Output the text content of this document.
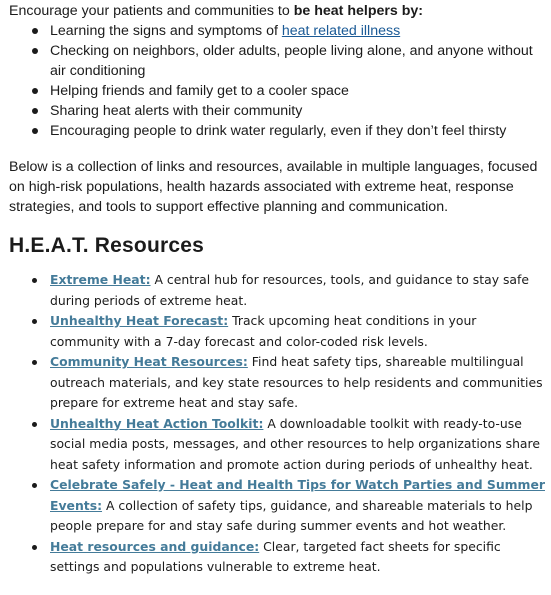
Encourage your patients and communities to be heat helpers by:

Learning the signs and symptoms of heat related illness
Checking on neighbors, older adults, people living alone, and anyone without air conditioning
Helping friends and family get to a cooler space
Sharing heat alerts with their community
Encouraging people to drink water regularly, even if they don’t feel thirsty

Below is a collection of links and resources, available in multiple languages, focused on high-risk populations, health hazards associated with extreme heat, response strategies, and tools to support effective planning and communication.

H.E.A.T. Resources
Extreme Heat: A central hub for resources, tools, and guidance to stay safe during periods of extreme heat.
Unhealthy Heat Forecast: Track upcoming heat conditions in your community with a 7-day forecast and color-coded risk levels.
Community Heat Resources: Find heat safety tips, shareable multilingual outreach materials, and key state resources to help residents and communities prepare for extreme heat and stay safe.
Unhealthy Heat Action Toolkit: A downloadable toolkit with ready-to-use social media posts, messages, and other resources to help organizations share heat safety information and promote action during periods of unhealthy heat.
Celebrate Safely - Heat and Health Tips for Watch Parties and Summer Events: A collection of safety tips, guidance, and shareable materials to help people prepare for and stay safe during summer events and hot weather.
Heat resources and guidance: Clear, targeted fact sheets for specific settings and populations vulnerable to extreme heat.
